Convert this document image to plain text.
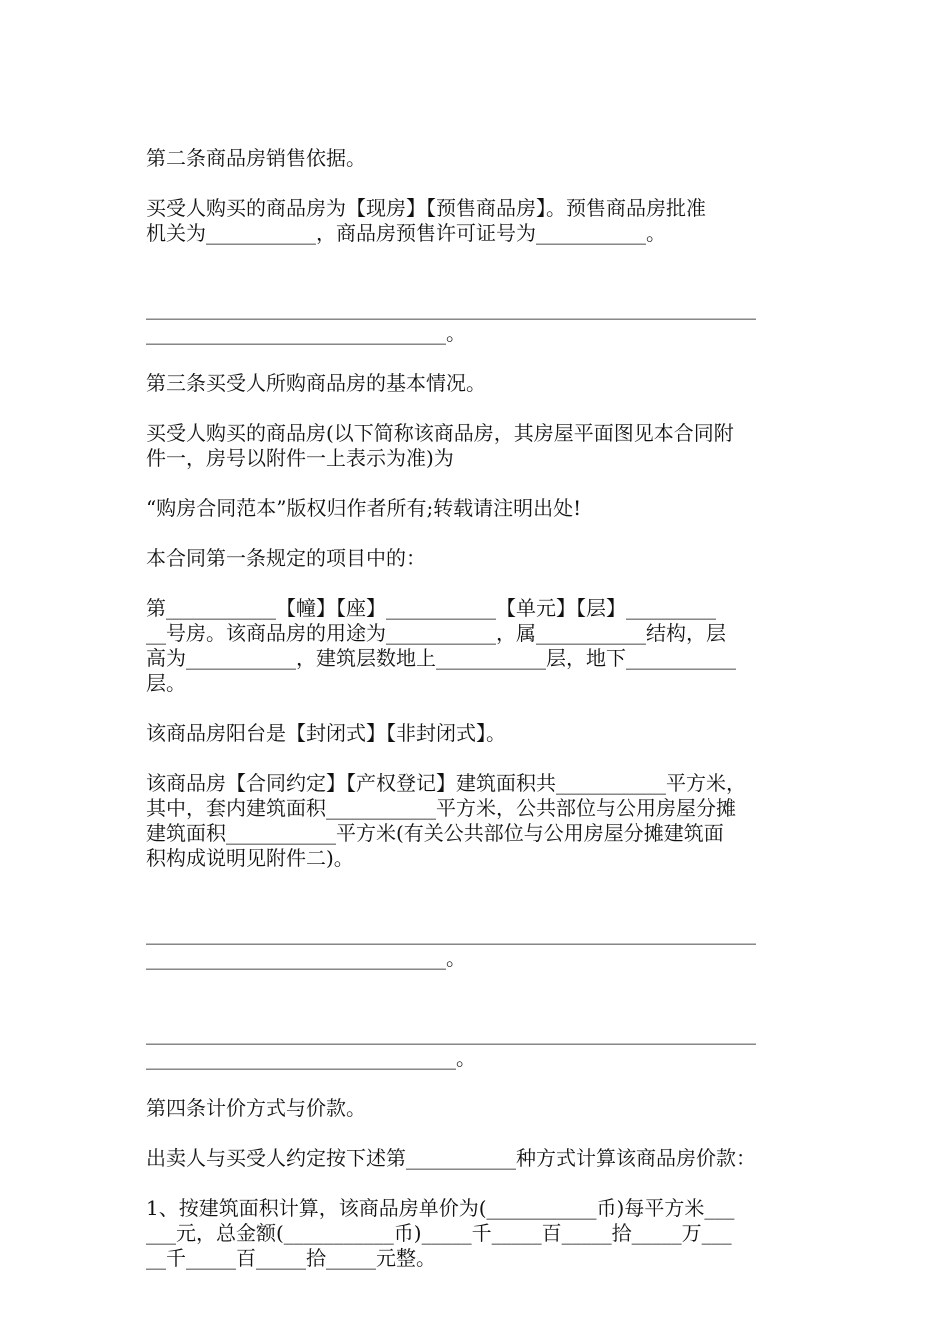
第二条商品房销售依据。

买受人购买的商品房为【现房】【预售商品房】。预售商品房批准
机关为___________，商品房预售许可证号为___________。

_____________________________________________________________
______________________________。

第三条买受人所购商品房的基本情况。

买受人购买的商品房(以下简称该商品房，其房屋平面图见本合同附
件一，房号以附件一上表示为准)为

“购房合同范本”版权归作者所有;转载请注明出处!

本合同第一条规定的项目中的：

第___________【幢】【座】___________【单元】【层】_________
__号房。该商品房的用途为___________，属___________结构，层
高为___________，建筑层数地上___________层，地下___________
层。

该商品房阳台是【封闭式】【非封闭式】。

该商品房【合同约定】【产权登记】建筑面积共___________平方米，
其中，套内建筑面积___________平方米，公共部位与公用房屋分摊
建筑面积___________平方米(有关公共部位与公用房屋分摊建筑面
积构成说明见附件二)。

_____________________________________________________________
______________________________。

_____________________________________________________________
_______________________________。

第四条计价方式与价款。

出卖人与买受人约定按下述第___________种方式计算该商品房价款：

1、按建筑面积计算，该商品房单价为(___________币)每平方米___
___元，总金额(___________币)_____千_____百_____拾_____万___
__千_____百_____拾_____元整。
